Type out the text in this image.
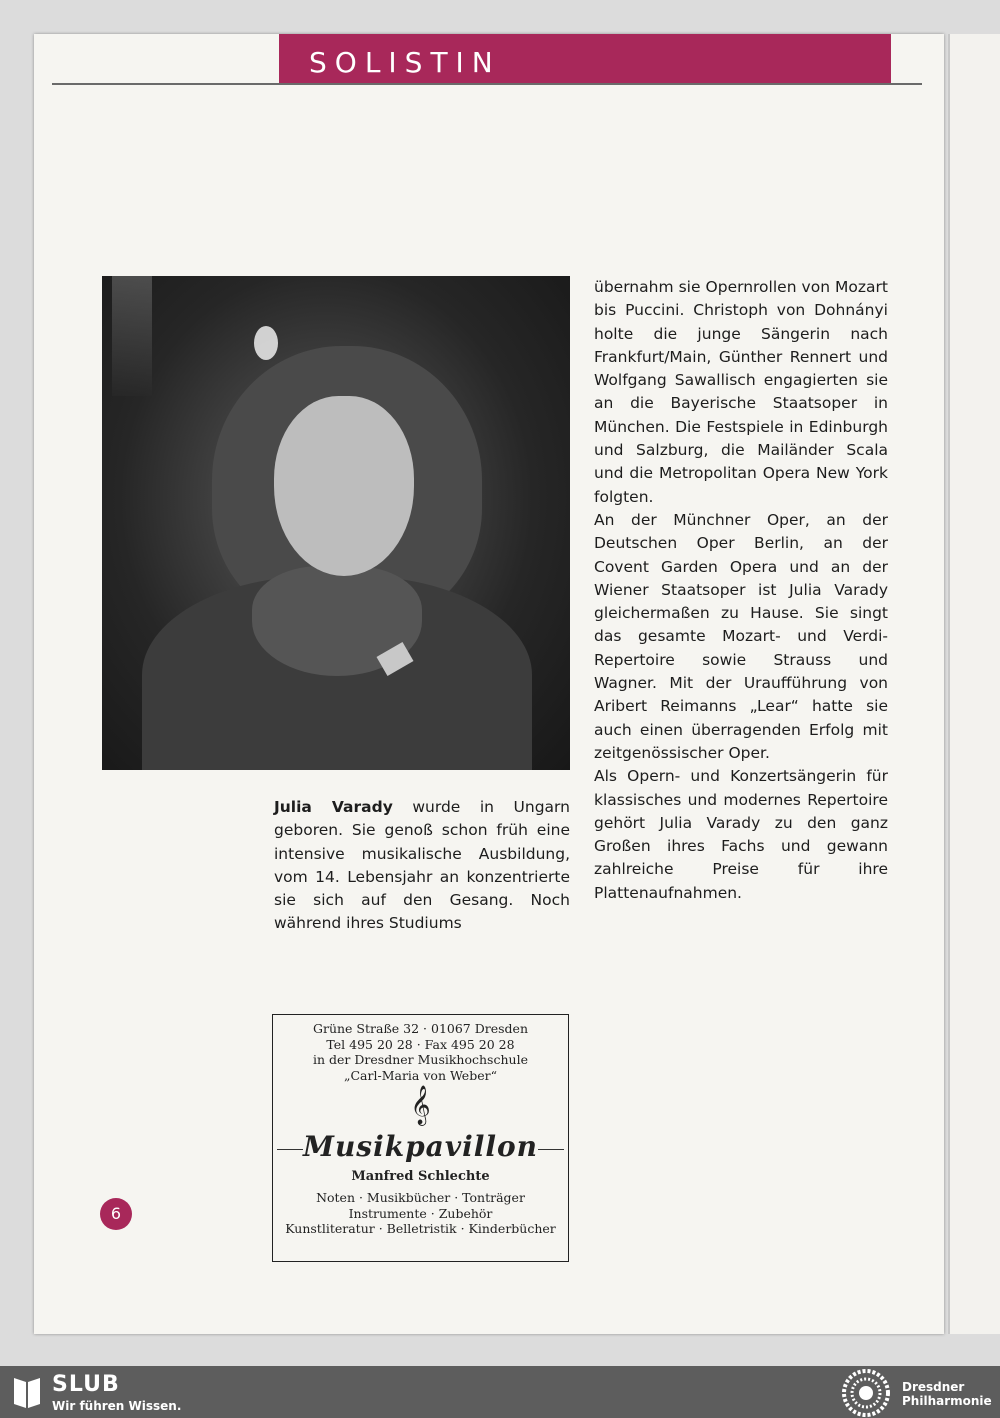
SOLISTIN

übernahm sie Opernrollen von Mozart bis Puccini. Christoph von Dohnányi holte die junge Sängerin nach Frankfurt/Main, Günther Rennert und Wolfgang Sawallisch engagierten sie an die Bayerische Staatsoper in München. Die Festspiele in Edinburgh und Salzburg, die Mailänder Scala und die Metropolitan Opera New York folgten.

An der Münchner Oper, an der Deutschen Oper Berlin, an der Covent Garden Opera und an der Wiener Staatsoper ist Julia Varady gleichermaßen zu Hause. Sie singt das gesamte Mozart- und Verdi-Repertoire sowie Strauss und Wagner. Mit der Uraufführung von Aribert Reimanns „Lear“ hatte sie auch einen überragenden Erfolg mit zeitgenössischer Oper.

Als Opern- und Konzertsängerin für klassisches und modernes Repertoire gehört Julia Varady zu den ganz Großen ihres Fachs und gewann zahlreiche Preise für ihre Plattenaufnahmen.

Julia Varady wurde in Ungarn geboren. Sie genoß schon früh eine intensive musikalische Ausbildung, vom 14. Lebensjahr an konzentrierte sie sich auf den Gesang. Noch während ihres Studiums

Grüne Straße 32 · 01067 Dresden
Tel 495 20 28 · Fax 495 20 28
in der Dresdner Musikhochschule
„Carl-Maria von Weber“
𝄞
Musikpavillon
Manfred Schlechte
Noten · Musikbücher · Tonträger
Instrumente · Zubehör
Kunstliteratur · Belletristik · Kinderbücher
6
SLUB
Wir führen Wissen.
Dresdner
Philharmonie
